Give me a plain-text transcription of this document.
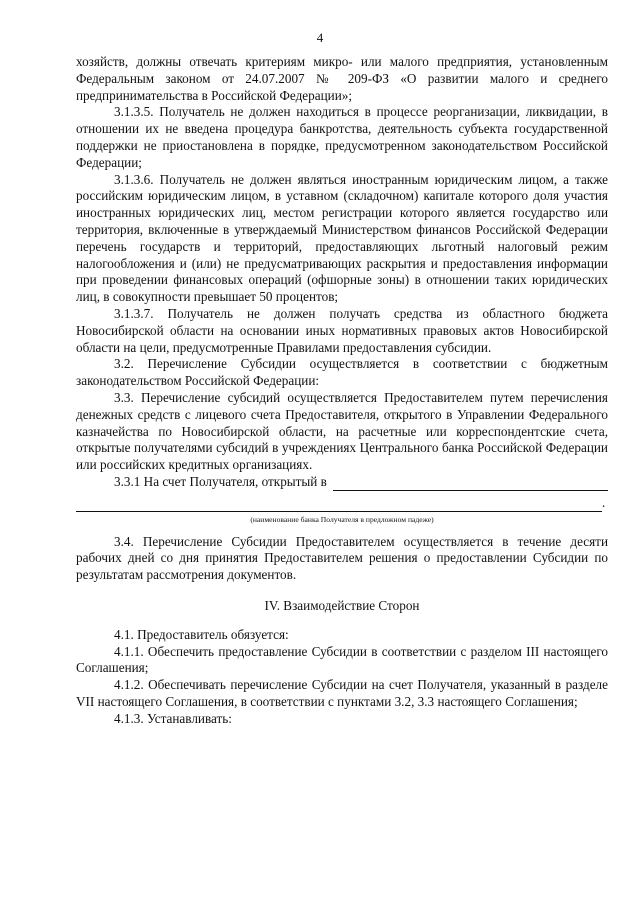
4

хозяйств, должны отвечать критериям микро- или малого предприятия, установленным Федеральным законом от 24.07.2007 № 209-ФЗ «О развитии малого и среднего предпринимательства в Российской Федерации»;

3.1.3.5. Получатель не должен находиться в процессе реорганизации, ликвидации, в отношении их не введена процедура банкротства, деятельность субъекта государственной поддержки не приостановлена в порядке, предусмотренном законодательством Российской Федерации;

3.1.3.6. Получатель не должен являться иностранным юридическим лицом, а также российским юридическим лицом, в уставном (складочном) капитале которого доля участия иностранных юридических лиц, местом регистрации которого является государство или территория, включенные в утверждаемый Министерством финансов Российской Федерации перечень государств и территорий, предоставляющих льготный налоговый режим налогообложения и (или) не предусматривающих раскрытия и предоставления информации при проведении финансовых операций (офшорные зоны) в отношении таких юридических лиц, в совокупности превышает 50 процентов;

3.1.3.7. Получатель не должен получать средства из областного бюджета Новосибирской области на основании иных нормативных правовых актов Новосибирской области на цели, предусмотренные Правилами предоставления субсидии.

3.2. Перечисление Субсидии осуществляется в соответствии с бюджетным законодательством Российской Федерации:

3.3. Перечисление субсидий осуществляется Предоставителем путем перечисления денежных средств с лицевого счета Предоставителя, открытого в Управлении Федерального казначейства по Новосибирской области, на расчетные или корреспондентские счета, открытые получателями субсидий в учреждениях Центрального банка Российской Федерации или российских кредитных организациях.

3.3.1 На счет Получателя, открытый в
.
(наименование банка Получателя в предложном падеже)

3.4. Перечисление Субсидии Предоставителем осуществляется в течение десяти рабочих дней со дня принятия Предоставителем решения о предоставлении Субсидии по результатам рассмотрения документов.

IV. Взаимодействие Сторон

4.1. Предоставитель обязуется:

4.1.1. Обеспечить предоставление Субсидии в соответствии с разделом III настоящего Соглашения;

4.1.2. Обеспечивать перечисление Субсидии на счет Получателя, указанный в разделе VII настоящего Соглашения, в соответствии с пунктами 3.2, 3.3 настоящего Соглашения;

4.1.3. Устанавливать:
